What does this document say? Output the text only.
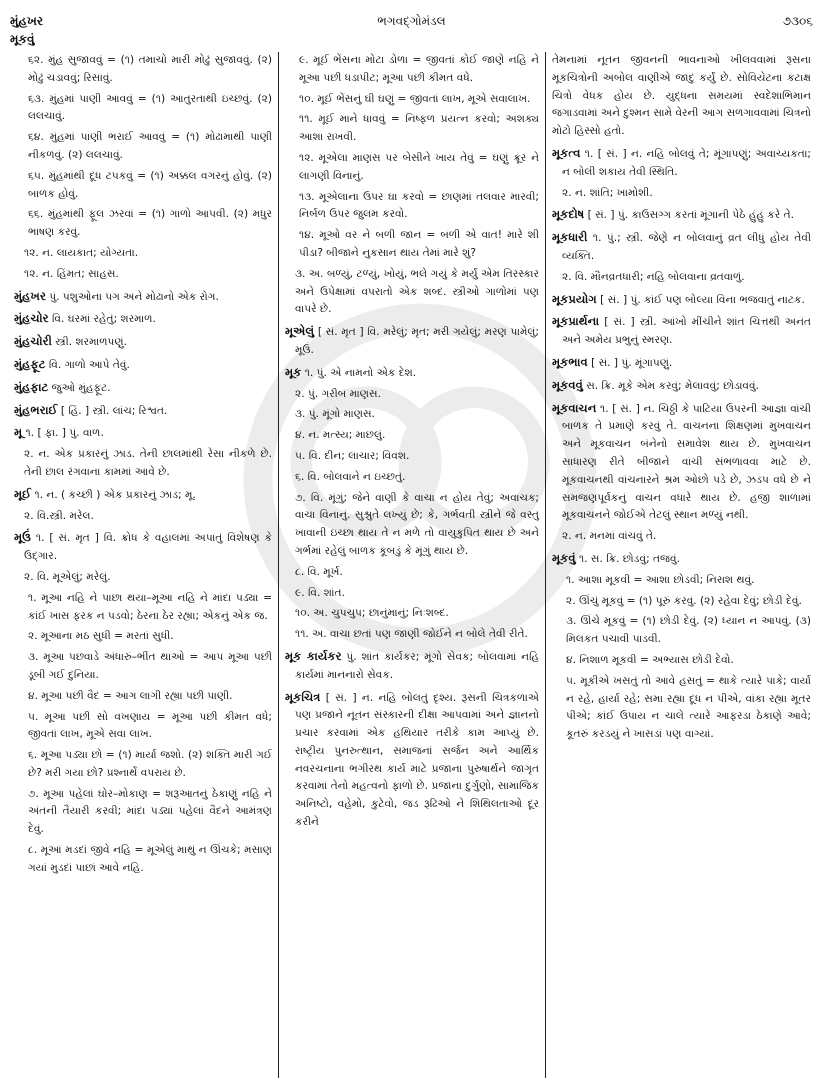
મુંહખર	ભગવદ્ગોમંડલ	૭૩૦૬
મૂકવું

૬૨. મુંહ સુજાવવું = (૧) તમાચો મારી મોઢું સુજાવવું. (૨) મોઢું ચડાવવું; રિસાવું.

૬૩. મુંહમાં પાણી આવવું = (૧) આતુરતાથી ઇચ્છવું. (૨) લલચાવું.

૬૪. મુંહમાં પાણી ભરાઈ આવવું = (૧) મોઢામાથી પાણી નીકળવું. (૨) લલચાવું.

૬૫. મુંહમાંથી દૂધ ટપકવું = (૧) અક્કલ વગરનું હોવું. (૨) બાળક હોવું.

૬૬. મુંહમાંથી ફૂલ ઝરવાં = (૧) ગાળો આપવી. (૨) મધુર ભાષણ કરવું.

૧૨. ન. લાયકાત; યોગ્યતા.

૧૨. ન. હિંમત; સાહસ.

મુંહખર પું. પશુઓના પગ અને મોઢાનો એક રોગ.

મુંહચોર વિ. ઘરમાં રહેતું; શરમાળ.

મુંહચોરી સ્ત્રી. શરમાળપણું.

મુંહફૂટ વિ. ગાળો આપે તેવું.

મુંહફાટ જુઓ મુંહફૂટ.

મુંહભરાઈ [ હિં. ] સ્ત્રી. લાંચ; રિશ્વત.

મૂ ૧. [ ફા. ] પું. વાળ.

૨. ન. એક પ્રકારનું ઝાડ. તેની છાલમાંથી રેસા નીકળે છે. તેની છાલ રંગવાના કામમાં આવે છે.

મૂઈ ૧. ન. ( કચ્છી ) એક પ્રકારનું ઝાડ; મૂ.

૨. વિ.સ્ત્રી. મરેલ.

મૂઉં ૧. [ સં. મૃત ] વિ. ક્રોધ કે વહાલમાં અપાતું વિશેષણ કે ઉદ્ગાર.

૨. વિ. મૂએલું; મરેલું.

૧. મૂઆ નહિ ને પાછા થયા–મૂઆ નહિ ને માંદા પડ્યા = કાંઈ ખાસ ફરક ન પડવો; ઠેરના ઠેર રહ્યા; એકનું એક જ.

૨. મૂઆના મઠ સુધી = મરતાં સુધી.

૩. મૂઆ પછવાડે અંધારું–ભીંત થાઓ = આપ મૂઆ પછી ડૂબી ગઈ દુનિયા.

૪. મૂઆ પછી વૈદ = આગ લાગી રહ્યા પછી પાણી.

૫. મૂઆ પછી સો વખણાય = મૂઆ પછી કીમત વધે; જીવતાં લાખ, મૂએ સવા લાખ.

૬. મૂઆ પડ્યા છો = (૧) માર્યા જશો. (૨) શક્તિ મારી ગઈ છે? મરી ગયા છો? પ્રશ્નાર્થે વપરાય છે.

૭. મૂઆ પહેલાં ઘોર–મોકાણ = શરૂઆતનું ઠેકાણું નહિ ને અંતની તૈયારી કરવી; માંદા પડ્યાં પહેલાં વૈદને આમંત્રણ દેવું.

૮. મૂઆં મડદાં જીવે નહિ = મૂએલું માથું ન ઊંચકે; મસાણ ગયાં મુડદાં પાછાં આવે નહિ.

૯. મૂઈ ભેંસના મોટા ડોળા = જીવતાં કોઈ જાણે નહિ ને મૂઆ પછી ધડાપીટ; મૂઆ પછી કીમત વધે.

૧૦. મૂઈ ભેંસનું ઘી ઘણું = જીવતાં લાખ, મૂએ સવાલાખ.

૧૧. મૂઈ માને ધાવવું = નિષ્ફળ પ્રયત્ન કરવો; અશક્ય આશા રાખવી.

૧૨. મૂએલા માણસ પર બેસીને ખાય તેવું = ઘણું ક્રૂર ને લાગણી વિનાનું.

૧૩. મૂએલાના ઉપર ઘા કરવો = છાણમાં તલવાર મારવી; નિર્બળ ઉપર જુલમ કરવો.

૧૪. મૂઓ વર ને બળી જાન = બળી એ વાત! મારે શી પીડા? બીજાને નુકસાન થાય તેમાં મારે શું?

૩. અ. બળ્યું, ટળ્યું, ખોયું, ભલે ગયું કે મર્યું એમ તિરસ્કાર અને ઉપેક્ષામાં વપરાતો એક શબ્દ. સ્ત્રીઓ ગાળોમાં પણ વાપરે છે.

મૂએલું [ સં. મૃત ] વિ. મરેલું; મૃત; મરી ગયેલું; મરણ પામેલું; મૂઉં.

મૂક ૧. પું. એ નામનો એક દેશ.

૨. પું. ગરીબ માણસ.

૩. પું. મૂંગો માણસ.

૪. ન. મત્સ્ય; માછલું.

૫. વિ. દીન; લાચાર; વિવશ.

૬. વિ. બોલવાને ન ઇચ્છતું.

૭. વિ. મૂંગું; જેને વાણી કે વાચા ન હોય તેવું; અવાચક; વાચા વિનાનું. સુશ્રુતે લખ્યું છે; કે, ગર્ભવતી સ્ત્રીને જે વસ્તુ ખાવાની ઇચ્છા થાય તે ન મળે તો વાયુકુપિત થાય છે અને ગર્ભમાં રહેલું બાળક કૂબડું કે મૂંગું થાય છે.

૮. વિ. મૂર્ખ.

૯. વિ. શાંત.

૧૦. અ. ચુપચુપ; છાનુંમાનું; નિઃશબ્દ.

૧૧. અ. વાચા છતાં પણ જાણી જોઈને ન બોલે તેવી રીતે.

મૂક કાર્યકર પું. શાંત કાર્યકર; મૂંગો સેવક; બોલવામાં નહિ કાર્યમાં માનનારો સેવક.

મૂકચિત્ર [ સં. ] ન. નહિ બોલતું દૃશ્ય. રૂસની ચિત્રકળાએ પણ પ્રજાને નૂતન સંસ્કારની દીક્ષા આપવામાં અને જ્ઞાનનો પ્રચાર કરવામાં એક હથિયાર તરીકે કામ આપ્યું છે. રાષ્ટ્રીય પુનરુત્થાન, સમાજનાં સર્જન અને આર્થિક નવરચનાના ભગીરથ કાર્ય માટે પ્રજાના પુરુષાર્થને જાગૃત કરવામાં તેનો મહત્વનો ફાળો છે. પ્રજાના દુર્ગુણો, સામાજિક અનિષ્ટો, વહેમો, કુટેવો, જડ રૂઢિઓ ને શિથિલતાઓ દૂર કરીને

તેમનામાં નૂતન જીવનની ભાવનાઓ ખીલવવામાં રૂસના મૂકચિત્રોની અબોલ વાણીએ જાદુ કર્યું છે. સોવિયેટના કટાક્ષ ચિત્રો વેધક હોય છે. યુદ્ધના સમયમાં સ્વદેશાભિમાન જગાડવામાં અને દુશ્મન સામે વેરની આગ સળગાવવામાં ચિત્રનો મોટો હિસ્સો હતો.

મૂકત્વ ૧. [ સં. ] ન. નહિ બોલવું તે; મૂંગાપણું; અવાચ્યકતા; ન બોલી શકાય તેવી સ્થિતિ.

૨. ન. શાંતિ; ખામોશી.

મૂકદોષ [ સં. ] પું. કાઉસગ્ગ કરતાં મૂંગાની પેઠે હુંહું કરે તે.

મૂકધારી ૧. પું.; સ્ત્રી. જેણે ન બોલવાનું વ્રત લીધું હોય તેવી વ્યક્તિ.

૨. વિ. મૌનવ્રતધારી; નહિ બોલવાના વ્રતવાળું.

મૂકપ્રયોગ [ સં. ] પું. કાંઈ પણ બોલ્યા વિના ભજવાતું નાટક.

મૂકપ્રાર્થના [ સં. ] સ્ત્રી. આંખો મીંચીને શાંત ચિત્તથી અનંત અને અમેય પ્રભુનું સ્મરણ.

મૂકભાવ [ સં. ] પું. મૂંગાપણું.

મૂકવવું સ. ક્રિ. મૂકે એમ કરવું; મેલાવવું; છોડાવવું.

મૂકવાચન ૧. [ સં. ] ન. ચિઠ્ઠી કે પાટિયા ઉપરની આજ્ઞા વાંચી બાળક તે પ્રમાણે કરવું તે. વાચનના શિક્ષણમાં મુખવાચન અને મૂકવાચન બંનેનો સમાવેશ થાય છે. મુખવાચન સાધારણ રીતે બીજાને વાંચી સંભળાવવા માટે છે. મૂકવાચનથી વાંચનારને શ્રમ ઓછો પડે છે, ઝડપ વધે છે ને સમજણપૂર્વકનું વાચન વધારે થાય છે. હજી શાળામાં મૂકવાચનને જોઈએ તેટલું સ્થાન મળ્યું નથી.

૨. ન. મનમાં વાંચવું તે.

મૂકવું ૧. સ. ક્રિ. છોડવું; તજવું.

૧. આશા મૂકવી = આશા છોડવી; નિરાશ થવું.

૨. ઊંચું મૂકવું = (૧) પૂરું કરવું. (૨) રહેવા દેવું; છોડી દેવું.

૩. ઊંચે મૂકવું = (૧) છોડી દેવું. (૨) ધ્યાન ન આપવું. (૩) મિલકત પચાવી પાડવી.

૪. નિશાળ મૂકવી = અભ્યાસ છોડી દેવો.

૫. મૂકીએ ખસતું તો આવે હસતું = થાકે ત્યારે પાકે; વાર્યા ન રહે, હાર્યા રહે; સમા રહ્યા દૂધ ન પીએ, વાંકા રહ્યા મૂતર પીએ; કાંઈ ઉપાય ન ચાલે ત્યારે આફરડા ઠેકાણે આવે; કૂતરું કરડયું ને ખાસડાં પણ વાગ્યાં.
